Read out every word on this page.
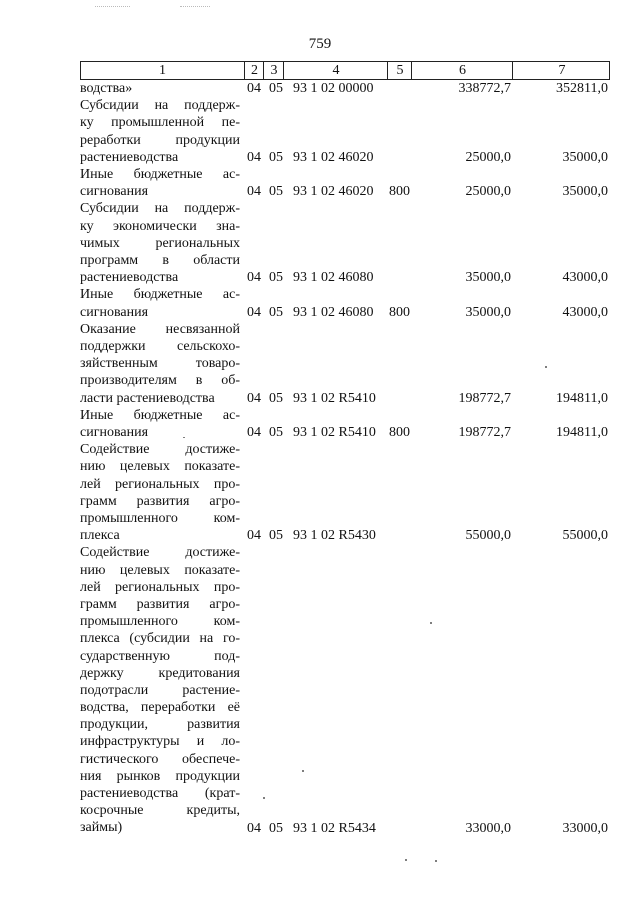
759
1	2 3	4	5	6	7
водства»	04 05 93 1 02 00000	338772,7	352811,0
Субсидии на поддерж-
ку промышленной пе-
реработки продукции
растениеводства	04 05 93 1 02 46020	25000,0	35000,0
Иные бюджетные ас-
сигнования	04 05 93 1 02 46020 800	25000,0	35000,0
Субсидии на поддерж-
ку экономически зна-
чимых региональных
программ в области
растениеводства	04 05 93 1 02 46080	35000,0	43000,0
Иные бюджетные ас-
сигнования	04 05 93 1 02 46080 800	35000,0	43000,0
Оказание несвязанной
поддержки сельскохо-
зяйственным товаро-
производителям в об-
ласти растениеводства	04 05 93 1 02 R5410	198772,7	194811,0
Иные бюджетные ас-
сигнования	04 05 93 1 02 R5410 800	198772,7	194811,0
Содействие достиже-
нию целевых показате-
лей региональных про-
грамм развития агро-
промышленного ком-
плекса	04 05 93 1 02 R5430	55000,0	55000,0
Содействие достиже-
нию целевых показате-
лей региональных про-
грамм развития агро-
промышленного ком-
плекса (субсидии на го-
сударственную под-
держку кредитования
подотрасли растение-
водства, переработки её
продукции, развития
инфраструктуры и ло-
гистического обеспече-
ния рынков продукции
растениеводства (крат-
косрочные кредиты,
займы)	04 05 93 1 02 R5434	33000,0	33000,0
